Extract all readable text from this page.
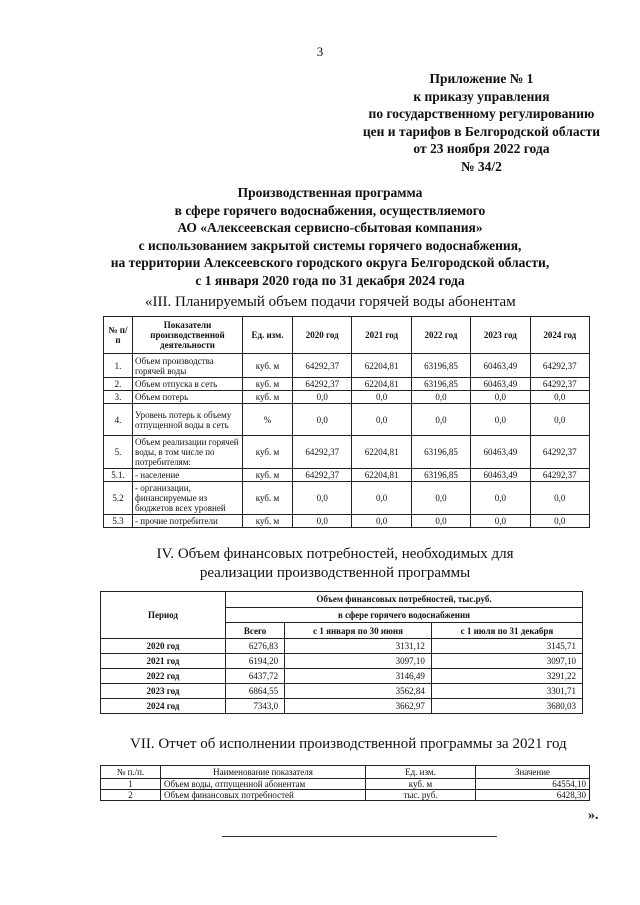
3
Приложение № 1
к приказу управления
по государственному регулированию
цен и тарифов в Белгородской области
от 23 ноября 2022 года
№ 34/2
Производственная программа
в сфере горячего водоснабжения, осуществляемого
АО «Алексеевская сервисно-сбытовая компания»
с использованием закрытой системы горячего водоснабжения,
на территории Алексеевского городского округа Белгородской области,
с 1 января 2020 года по 31 декабря 2024 года
«III. Планируемый объем подачи горячей воды абонентам
№ п/п	Показатели производственной деятельности	Ед. изм.	2020 год	2021 год	2022 год	2023 год	2024 год
1.	Объем производства горячей воды	куб. м	64292,37	62204,81	63196,85	60463,49	64292,37
2.	Объем отпуска в сеть	куб. м	64292,37	62204,81	63196,85	60463,49	64292,37
3.	Объем потерь	куб. м	0,0	0,0	0,0	0,0	0,0
4.	Уровень потерь к объему отпущенной воды в сеть	%	0,0	0,0	0,0	0,0	0,0
5.	Объем реализации горячей воды, в том числе по потребителям:	куб. м	64292,37	62204,81	63196,85	60463,49	64292,37
5.1.	- население	куб. м	64292,37	62204,81	63196,85	60463,49	64292,37
5.2	- организации, финансируемые из бюджетов всех уровней	куб. м	0,0	0,0	0,0	0,0	0,0
5.3	- прочие потребители	куб. м	0,0	0,0	0,0	0,0	0,0
IV. Объем финансовых потребностей, необходимых для реализации производственной программы
Период	Объем финансовых потребностей, тыс.руб.		
	в сфере горячего водоснабжения		
	Всего	с 1 января по 30 июня	с 1 июля по 31 декабря
2020 год	6276,83	3131,12	3145,71
2021 год	6194,20	3097,10	3097,10
2022 год	6437,72	3146,49	3291,22
2023 год	6864,55	3562,84	3301,71
2024 год	7343,0	3662,97	3680,03
VII. Отчет об исполнении производственной программы за 2021 год
№ п./п.	Наименование показателя	Ед. изм.	Значение
1	Объем воды, отпущенной абонентам	куб. м	64554,10
2	Объем финансовых потребностей	тыс. руб.	6428,30
».
